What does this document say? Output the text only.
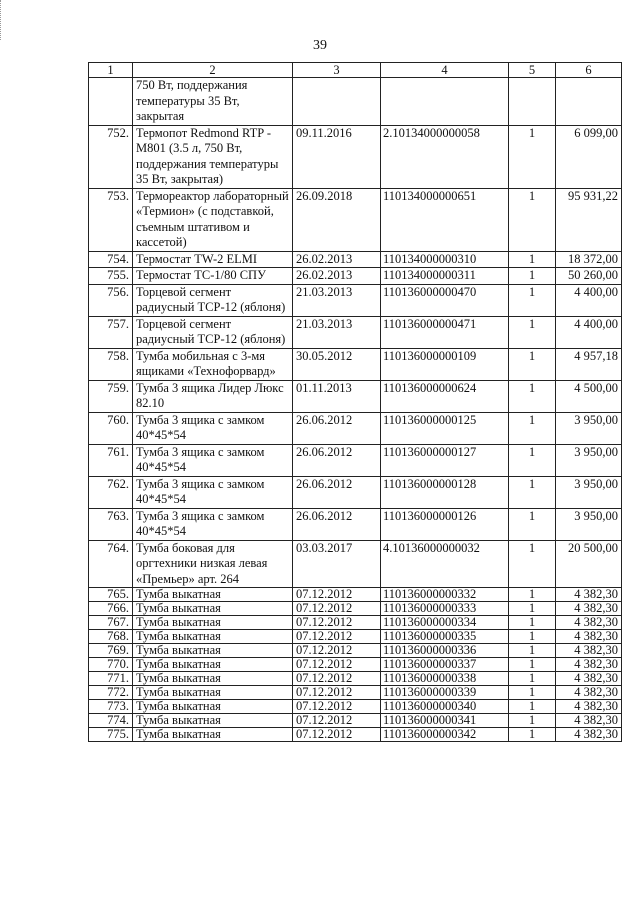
39
1	2	3	4	5	6
	750 Вт, поддержания температуры 35 Вт, закрытая				
752.	Термопот Redmond RTP -M801 (3.5 л, 750 Вт, поддержания температуры 35 Вт, закрытая)	09.11.2016	2.10134000000058	1	6 099,00
753.	Термореактор лабораторный «Термион» (с подставкой, съемным штативом и кассетой)	26.09.2018	110134000000651	1	95 931,22
754.	Термостат TW-2 ELMI	26.02.2013	110134000000310	1	18 372,00
755.	Термостат ТС-1/80 СПУ	26.02.2013	110134000000311	1	50 260,00
756.	Торцевой сегмент радиусный ТСР-12 (яблоня)	21.03.2013	110136000000470	1	4 400,00
757.	Торцевой сегмент радиусный ТСР-12 (яблоня)	21.03.2013	110136000000471	1	4 400,00
758.	Тумба мобильная с 3-мя ящиками «Технофорвард»	30.05.2012	110136000000109	1	4 957,18
759.	Тумба 3 ящика Лидер Люкс 82.10	01.11.2013	110136000000624	1	4 500,00
760.	Тумба 3 ящика с замком 40*45*54	26.06.2012	110136000000125	1	3 950,00
761.	Тумба 3 ящика с замком 40*45*54	26.06.2012	110136000000127	1	3 950,00
762.	Тумба 3 ящика с замком 40*45*54	26.06.2012	110136000000128	1	3 950,00
763.	Тумба 3 ящика с замком 40*45*54	26.06.2012	110136000000126	1	3 950,00
764.	Тумба боковая для оргтехники низкая левая «Премьер» арт. 264	03.03.2017	4.10136000000032	1	20 500,00
765.	Тумба выкатная	07.12.2012	110136000000332	1	4 382,30
766.	Тумба выкатная	07.12.2012	110136000000333	1	4 382,30
767.	Тумба выкатная	07.12.2012	110136000000334	1	4 382,30
768.	Тумба выкатная	07.12.2012	110136000000335	1	4 382,30
769.	Тумба выкатная	07.12.2012	110136000000336	1	4 382,30
770.	Тумба выкатная	07.12.2012	110136000000337	1	4 382,30
771.	Тумба выкатная	07.12.2012	110136000000338	1	4 382,30
772.	Тумба выкатная	07.12.2012	110136000000339	1	4 382,30
773.	Тумба выкатная	07.12.2012	110136000000340	1	4 382,30
774.	Тумба выкатная	07.12.2012	110136000000341	1	4 382,30
775.	Тумба выкатная	07.12.2012	110136000000342	1	4 382,30
